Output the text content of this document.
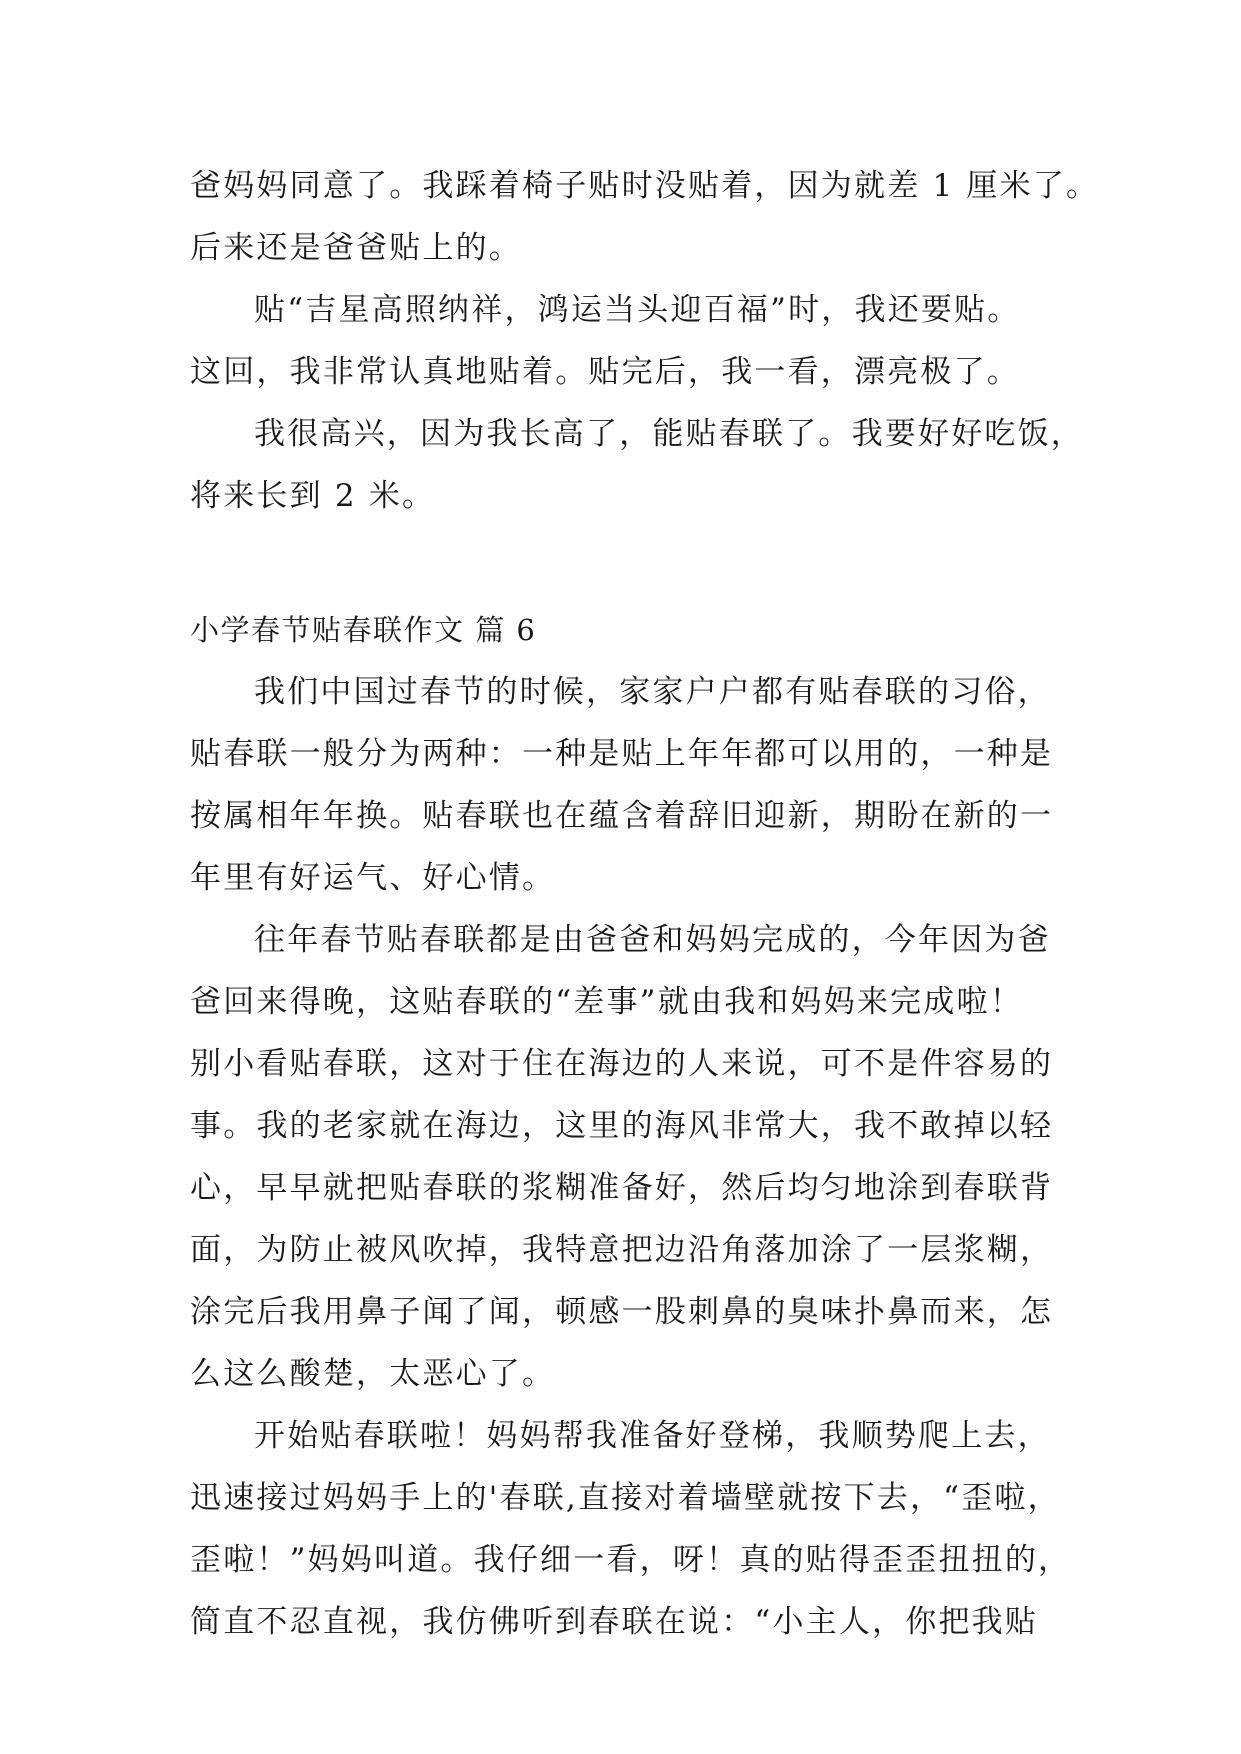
爸妈妈同意了。我踩着椅子贴时没贴着，因为就差 1 厘米了。
后来还是爸爸贴上的。
贴“吉星高照纳祥，鸿运当头迎百福”时，我还要贴。
这回，我非常认真地贴着。贴完后，我一看，漂亮极了。
我很高兴，因为我长高了，能贴春联了。我要好好吃饭，
将来长到 2 米。
小学春节贴春联作文 篇 6
我们中国过春节的时候，家家户户都有贴春联的习俗，
贴春联一般分为两种：一种是贴上年年都可以用的，一种是
按属相年年换。贴春联也在蕴含着辞旧迎新，期盼在新的一
年里有好运气、好心情。
往年春节贴春联都是由爸爸和妈妈完成的，今年因为爸
爸回来得晚，这贴春联的“差事”就由我和妈妈来完成啦！
别小看贴春联，这对于住在海边的人来说，可不是件容易的
事。我的老家就在海边，这里的海风非常大，我不敢掉以轻
心，早早就把贴春联的浆糊准备好，然后均匀地涂到春联背
面，为防止被风吹掉，我特意把边沿角落加涂了一层浆糊，
涂完后我用鼻子闻了闻，顿感一股刺鼻的臭味扑鼻而来，怎
么这么酸楚，太恶心了。
开始贴春联啦！妈妈帮我准备好登梯，我顺势爬上去，
迅速接过妈妈手上的'春联,直接对着墙壁就按下去，“歪啦，
歪啦！”妈妈叫道。我仔细一看，呀！真的贴得歪歪扭扭的，
简直不忍直视，我仿佛听到春联在说：“小主人，你把我贴
